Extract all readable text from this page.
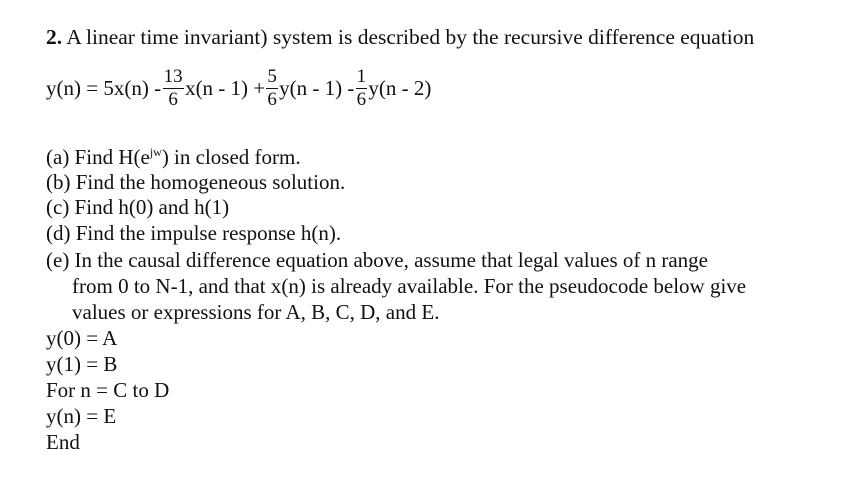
2. A linear time invariant) system is described by the recursive difference equation
$y(n) = 5x(n) - \frac{13}{6} x(n - 1) + \frac{5}{6} y(n - 1) - \frac{1}{6} y(n - 2)$
(a) Find $H(e^{jw})$ in closed form.
(b) Find the homogeneous solution.
(c) Find h(0) and h(1)
(d) Find the impulse response h(n).
(e) In the causal difference equation above, assume that legal values of n range
from 0 to N-1, and that x(n) is already available. For the pseudocode below give
values or expressions for A, B, C, D, and E.
y(0) = A
y(1) = B
For n = C to D
y(n) = E
End
